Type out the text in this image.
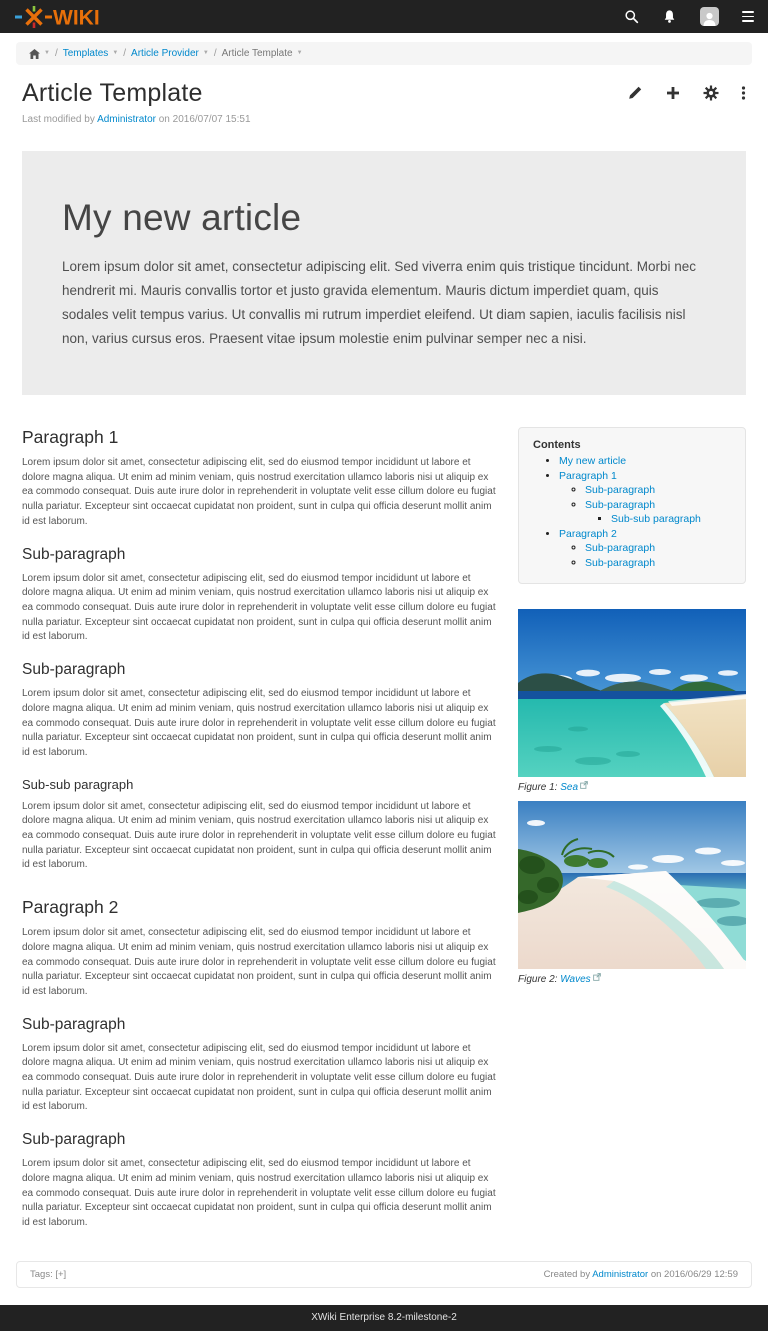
WIKI
▼ / Templates ▼ / Article Provider ▼ / Article Template ▼
Article Template
Last modified by Administrator on 2016/07/07 15:51
My new article

Lorem ipsum dolor sit amet, consectetur adipiscing elit. Sed viverra enim quis tristique tincidunt. Morbi nec hendrerit mi. Mauris convallis tortor et justo gravida elementum. Mauris dictum imperdiet quam, quis sodales velit tempus varius. Ut convallis mi rutrum imperdiet eleifend. Ut diam sapien, iaculis facilisis nisl non, varius cursus eros. Praesent vitae ipsum molestie enim pulvinar semper nec a nisi.

Paragraph 1

Lorem ipsum dolor sit amet, consectetur adipiscing elit, sed do eiusmod tempor incididunt ut labore et dolore magna aliqua. Ut enim ad minim veniam, quis nostrud exercitation ullamco laboris nisi ut aliquip ex ea commodo consequat. Duis aute irure dolor in reprehenderit in voluptate velit esse cillum dolore eu fugiat nulla pariatur. Excepteur sint occaecat cupidatat non proident, sunt in culpa qui officia deserunt mollit anim id est laborum.

Sub-paragraph

Lorem ipsum dolor sit amet, consectetur adipiscing elit, sed do eiusmod tempor incididunt ut labore et dolore magna aliqua. Ut enim ad minim veniam, quis nostrud exercitation ullamco laboris nisi ut aliquip ex ea commodo consequat. Duis aute irure dolor in reprehenderit in voluptate velit esse cillum dolore eu fugiat nulla pariatur. Excepteur sint occaecat cupidatat non proident, sunt in culpa qui officia deserunt mollit anim id est laborum.

Sub-paragraph

Lorem ipsum dolor sit amet, consectetur adipiscing elit, sed do eiusmod tempor incididunt ut labore et dolore magna aliqua. Ut enim ad minim veniam, quis nostrud exercitation ullamco laboris nisi ut aliquip ex ea commodo consequat. Duis aute irure dolor in reprehenderit in voluptate velit esse cillum dolore eu fugiat nulla pariatur. Excepteur sint occaecat cupidatat non proident, sunt in culpa qui officia deserunt mollit anim id est laborum.

Sub-sub paragraph

Lorem ipsum dolor sit amet, consectetur adipiscing elit, sed do eiusmod tempor incididunt ut labore et dolore magna aliqua. Ut enim ad minim veniam, quis nostrud exercitation ullamco laboris nisi ut aliquip ex ea commodo consequat. Duis aute irure dolor in reprehenderit in voluptate velit esse cillum dolore eu fugiat nulla pariatur. Excepteur sint occaecat cupidatat non proident, sunt in culpa qui officia deserunt mollit anim id est laborum.

Paragraph 2

Lorem ipsum dolor sit amet, consectetur adipiscing elit, sed do eiusmod tempor incididunt ut labore et dolore magna aliqua. Ut enim ad minim veniam, quis nostrud exercitation ullamco laboris nisi ut aliquip ex ea commodo consequat. Duis aute irure dolor in reprehenderit in voluptate velit esse cillum dolore eu fugiat nulla pariatur. Excepteur sint occaecat cupidatat non proident, sunt in culpa qui officia deserunt mollit anim id est laborum.

Sub-paragraph

Lorem ipsum dolor sit amet, consectetur adipiscing elit, sed do eiusmod tempor incididunt ut labore et dolore magna aliqua. Ut enim ad minim veniam, quis nostrud exercitation ullamco laboris nisi ut aliquip ex ea commodo consequat. Duis aute irure dolor in reprehenderit in voluptate velit esse cillum dolore eu fugiat nulla pariatur. Excepteur sint occaecat cupidatat non proident, sunt in culpa qui officia deserunt mollit anim id est laborum.

Sub-paragraph

Lorem ipsum dolor sit amet, consectetur adipiscing elit, sed do eiusmod tempor incididunt ut labore et dolore magna aliqua. Ut enim ad minim veniam, quis nostrud exercitation ullamco laboris nisi ut aliquip ex ea commodo consequat. Duis aute irure dolor in reprehenderit in voluptate velit esse cillum dolore eu fugiat nulla pariatur. Excepteur sint occaecat cupidatat non proident, sunt in culpa qui officia deserunt mollit anim id est laborum.

Contents
• My new article
• Paragraph 1
◦ Sub-paragraph
◦ Sub-paragraph
▪ Sub-sub paragraph
• Paragraph 2
◦ Sub-paragraph
◦ Sub-paragraph
Figure 1: Sea
Figure 2: Waves
Tags:
[+]	Created by Administrator on 2016/06/29 12:59
XWiki Enterprise 8.2-milestone-2
